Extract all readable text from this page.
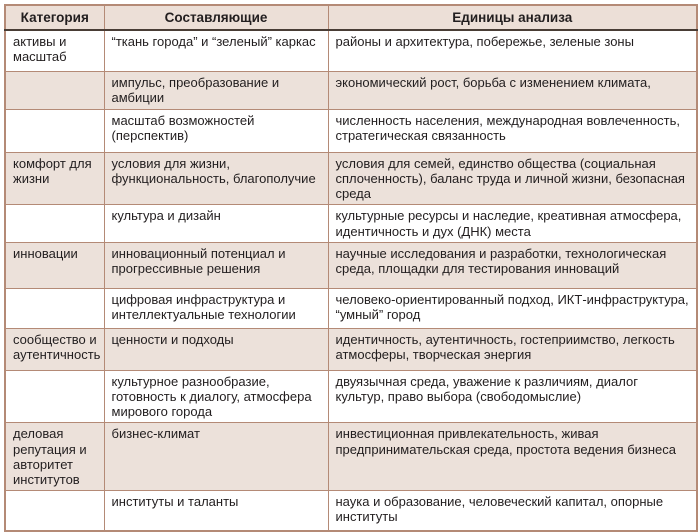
Категория	Составляющие	Единицы анализа
активы и масштаб	“ткань города” и “зеленый” каркас	районы и архитектура, побережье, зеленые зоны
	импульс, преобразование и амбиции	экономический рост, борьба с изменением климата,
	масштаб возможностей (перспектив)	численность населения, международная вовлеченность, стратегическая связанность
комфорт для жизни	условия для жизни, функциональность, благополучие	условия для семей, единство общества (социальная сплоченность), баланс труда и личной жизни, безопасная среда
	культура и дизайн	культурные ресурсы и наследие, креативная атмосфера, идентичность и дух (ДНК) места
инновации	инновационный потенциал и прогрессивные решения	научные исследования и разработки, технологическая среда, площадки для тестирования инноваций
	цифровая инфраструктура и интеллектуальные технологии	человеко-ориентированный подход, ИКТ-инфраструктура, “умный” город
сообщество и аутентичность	ценности и подходы	идентичность, аутентичность, гостеприимство, легкость атмосферы, творческая энергия
	культурное разнообразие, готовность к диалогу, атмосфера мирового города	двуязычная среда, уважение к различиям, диалог культур, право выбора (свободомыслие)
деловая репутация и авторитет институтов	бизнес-климат	инвестиционная привлекательность, живая предпринимательская среда, простота ведения бизнеса
	институты и таланты	наука и образование, человеческий капитал, опорные институты
